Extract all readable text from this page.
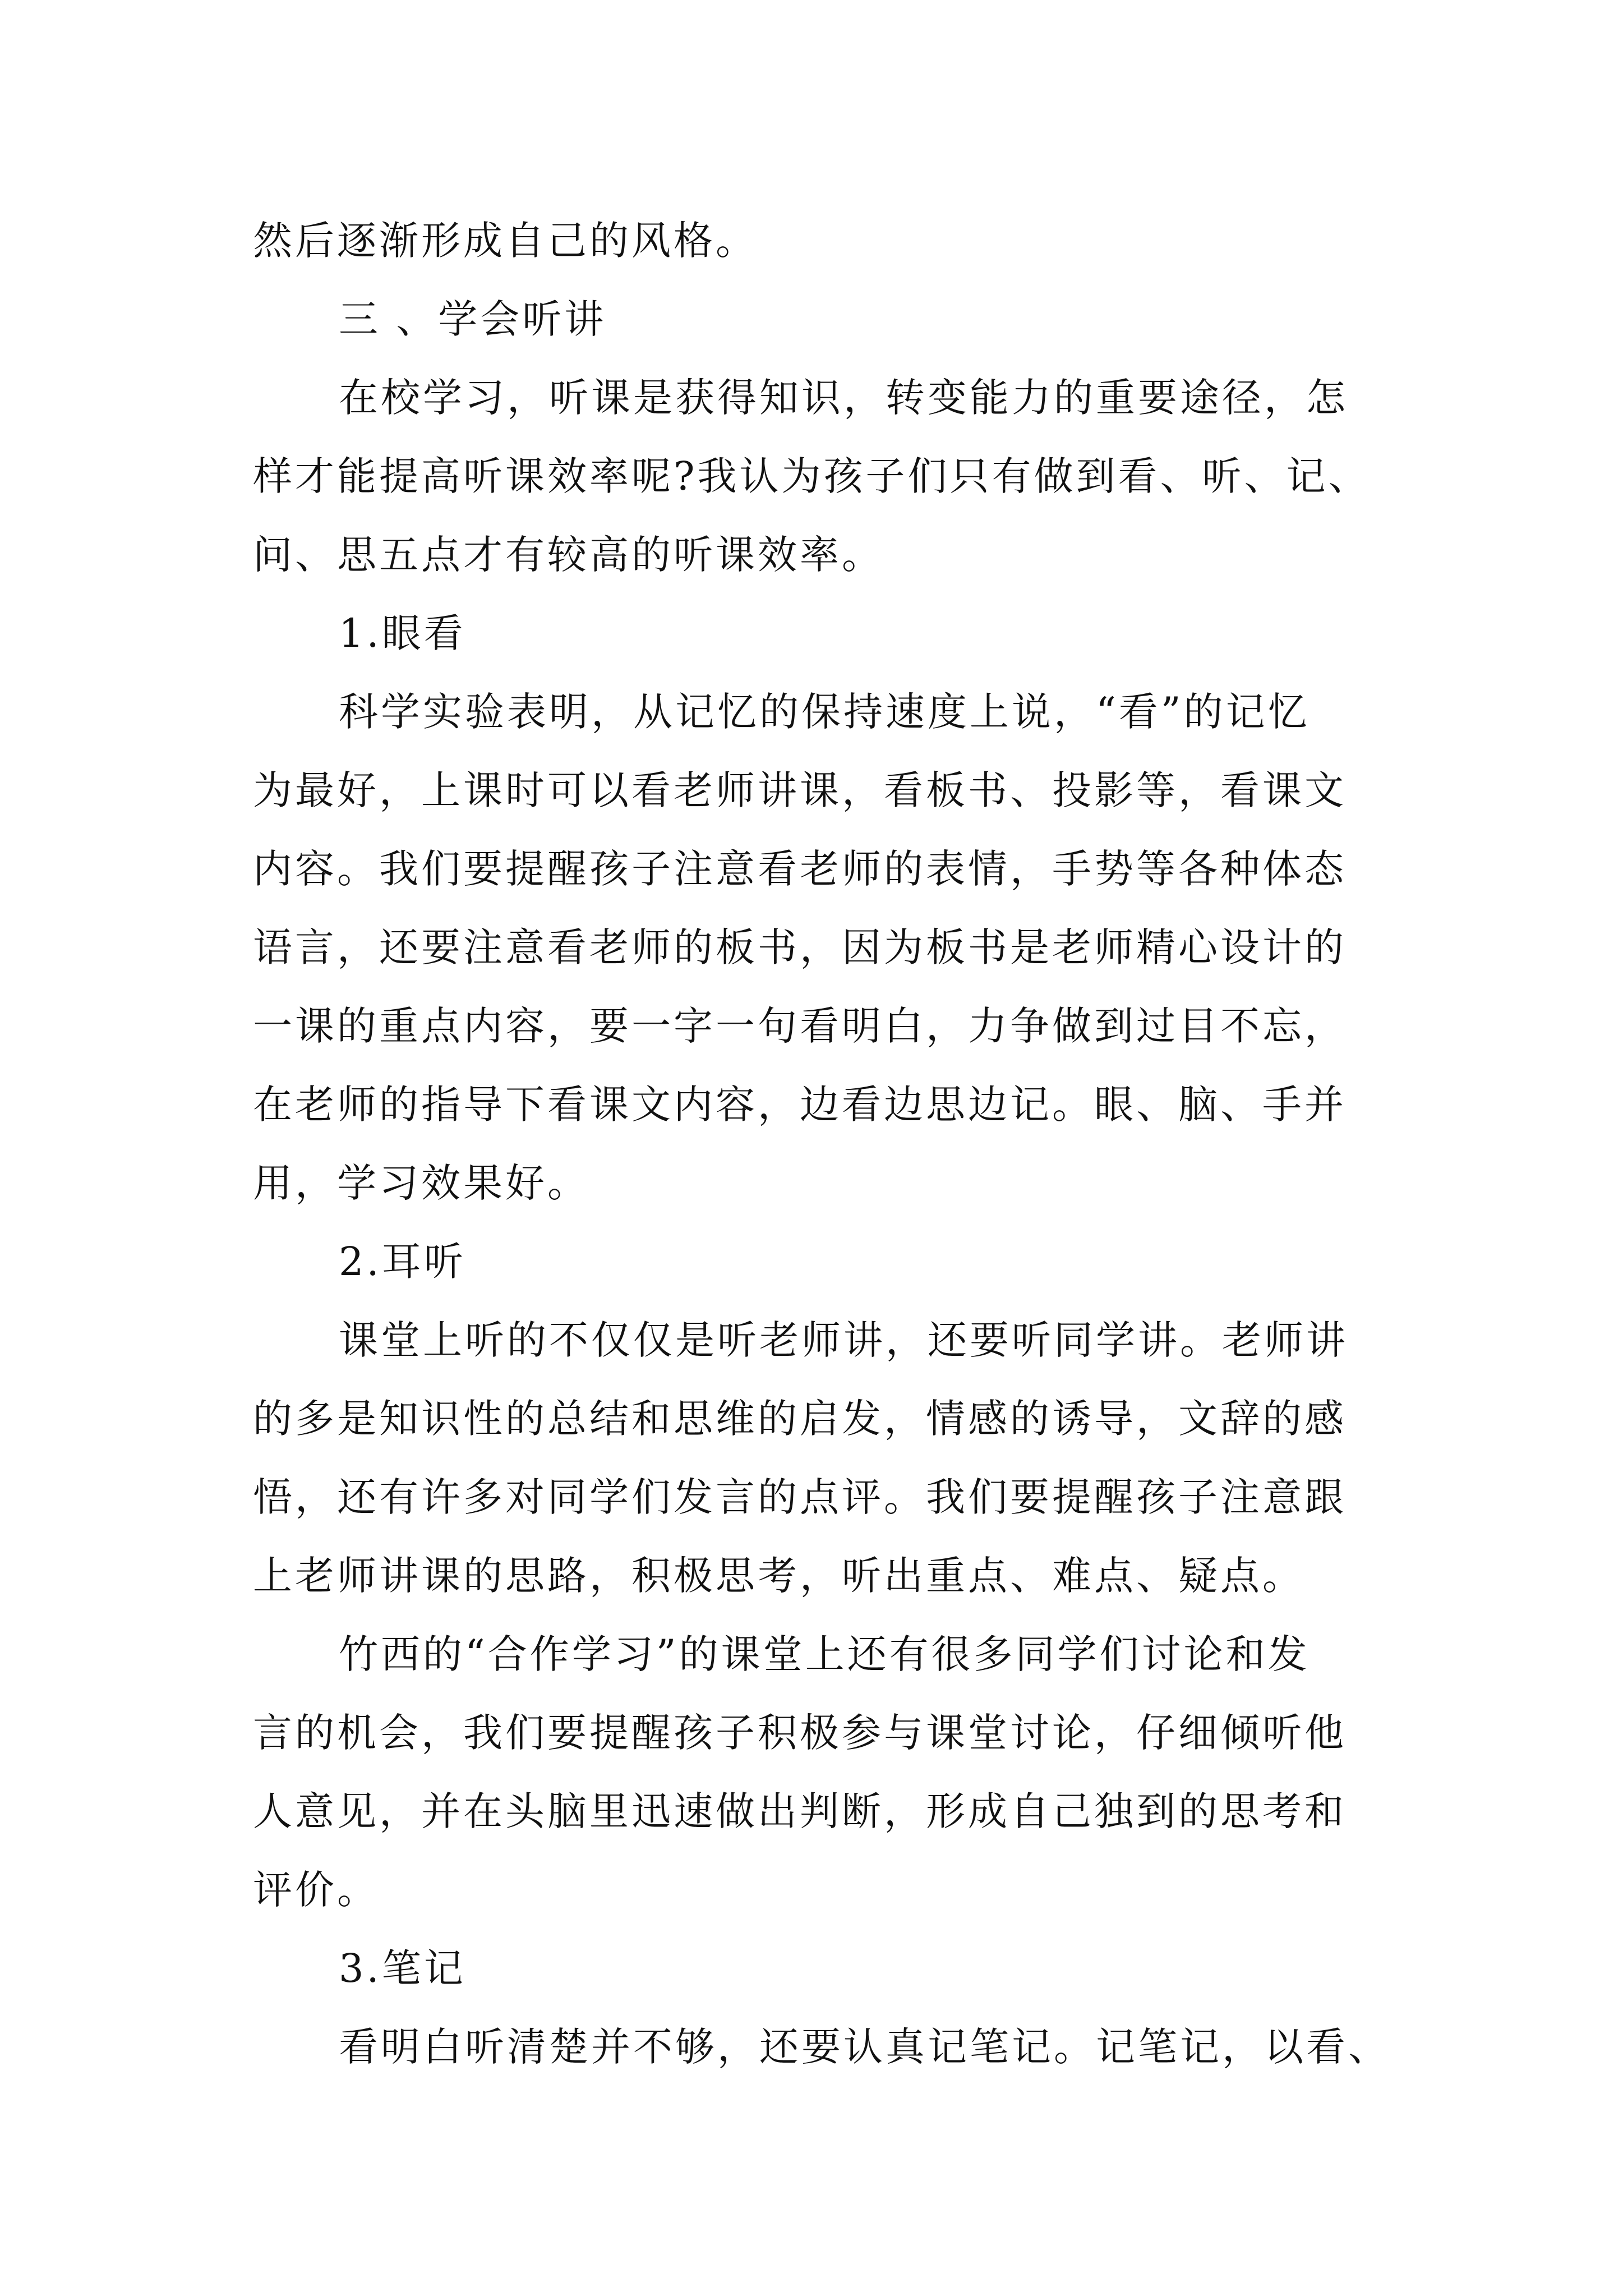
然后逐渐形成自己的风格。

三 、学会听讲

在校学习，听课是获得知识，转变能力的重要途径，怎

样才能提高听课效率呢?我认为孩子们只有做到看、听、记、

问、思五点才有较高的听课效率。

1.眼看

科学实验表明，从记忆的保持速度上说，“看”的记忆

为最好，上课时可以看老师讲课，看板书、投影等，看课文

内容。我们要提醒孩子注意看老师的表情，手势等各种体态

语言，还要注意看老师的板书，因为板书是老师精心设计的

一课的重点内容，要一字一句看明白，力争做到过目不忘，

在老师的指导下看课文内容，边看边思边记。眼、脑、手并

用，学习效果好。

2.耳听

课堂上听的不仅仅是听老师讲，还要听同学讲。老师讲

的多是知识性的总结和思维的启发，情感的诱导，文辞的感

悟，还有许多对同学们发言的点评。我们要提醒孩子注意跟

上老师讲课的思路，积极思考，听出重点、难点、疑点。

竹西的“合作学习”的课堂上还有很多同学们讨论和发

言的机会，我们要提醒孩子积极参与课堂讨论，仔细倾听他

人意见，并在头脑里迅速做出判断，形成自己独到的思考和

评价。

3.笔记

看明白听清楚并不够，还要认真记笔记。记笔记，以看、
